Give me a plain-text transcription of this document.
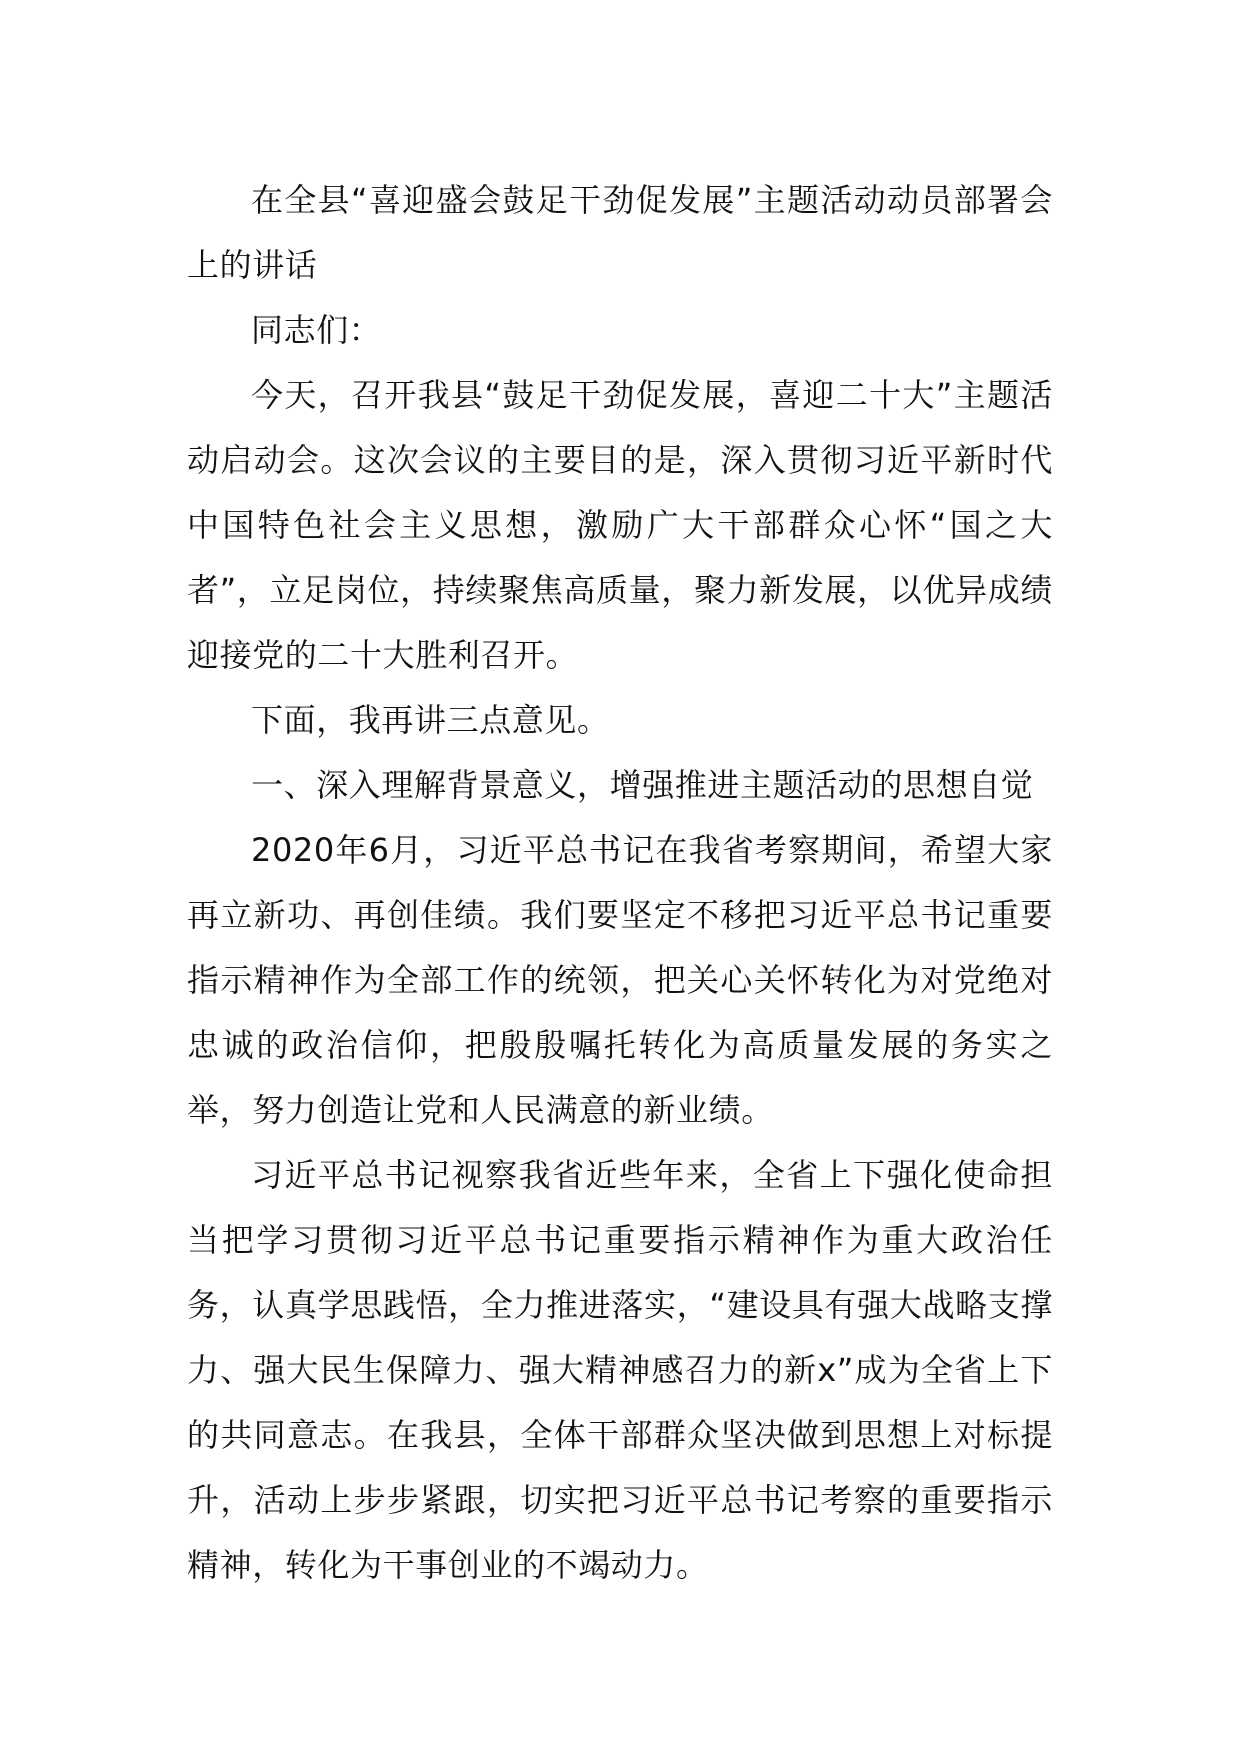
在全县“喜迎盛会鼓足干劲促发展”主题活动动员部署会上的讲话

同志们：

今天，召开我县“鼓足干劲促发展，喜迎二十大”主题活动启动会。这次会议的主要目的是，深入贯彻习近平新时代中国特色社会主义思想，激励广大干部群众心怀“国之大者”，立足岗位，持续聚焦高质量，聚力新发展，以优异成绩迎接党的二十大胜利召开。

下面，我再讲三点意见。

一、深入理解背景意义，增强推进主题活动的思想自觉

2020年6月，习近平总书记在我省考察期间，希望大家再立新功、再创佳绩。我们要坚定不移把习近平总书记重要指示精神作为全部工作的统领，把关心关怀转化为对党绝对忠诚的政治信仰，把殷殷嘱托转化为高质量发展的务实之举，努力创造让党和人民满意的新业绩。

习近平总书记视察我省近些年来，全省上下强化使命担当把学习贯彻习近平总书记重要指示精神作为重大政治任务，认真学思践悟，全力推进落实，“建设具有强大战略支撑力、强大民生保障力、强大精神感召力的新x”成为全省上下的共同意志。在我县，全体干部群众坚决做到思想上对标提升，活动上步步紧跟，切实把习近平总书记考察的重要指示精神，转化为干事创业的不竭动力。
